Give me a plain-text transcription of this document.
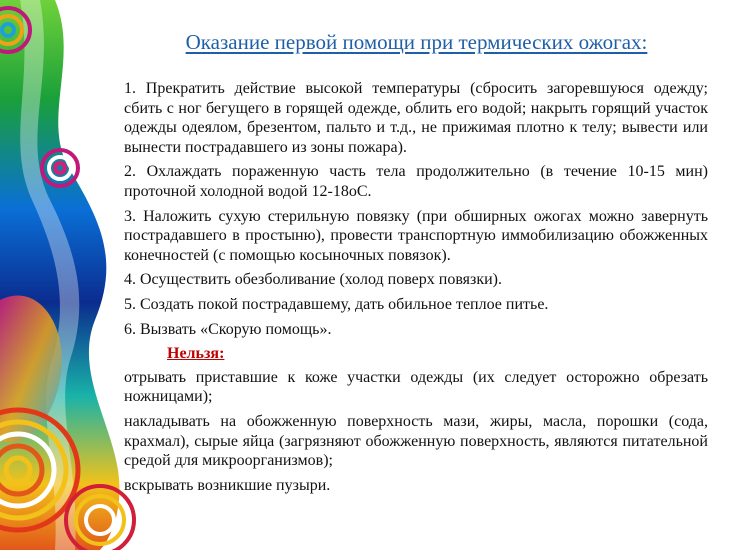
Оказание первой помощи при термических ожогах:

1. Прекратить действие высокой температуры (сбросить загоревшуюся одежду; сбить с ног бегущего в горящей одежде, облить его водой; накрыть горящий участок одежды одеялом, брезентом, пальто и т.д., не прижимая плотно к телу; вывести или вынести пострадавшего из зоны пожара).

2. Охлаждать пораженную часть тела продолжительно (в течение 10-15 мин) проточной холодной водой 12-18оС.

3. Наложить сухую стерильную повязку (при обширных ожогах можно завернуть пострадавшего в простыню), провести транспортную иммобилизацию обожженных конечностей (с помощью косыночных повязок).

4. Осуществить обезболивание (холод поверх повязки).

5. Создать покой пострадавшему, дать обильное теплое питье.

6. Вызвать «Скорую помощь».

Нельзя:

отрывать приставшие к коже участки одежды (их следует осторожно обрезать ножницами);

накладывать на обожженную поверхность мази, жиры, масла, порошки (сода, крахмал), сырые яйца (загрязняют обожженную поверхность, являются питательной средой для микроорганизмов);

вскрывать возникшие пузыри.
